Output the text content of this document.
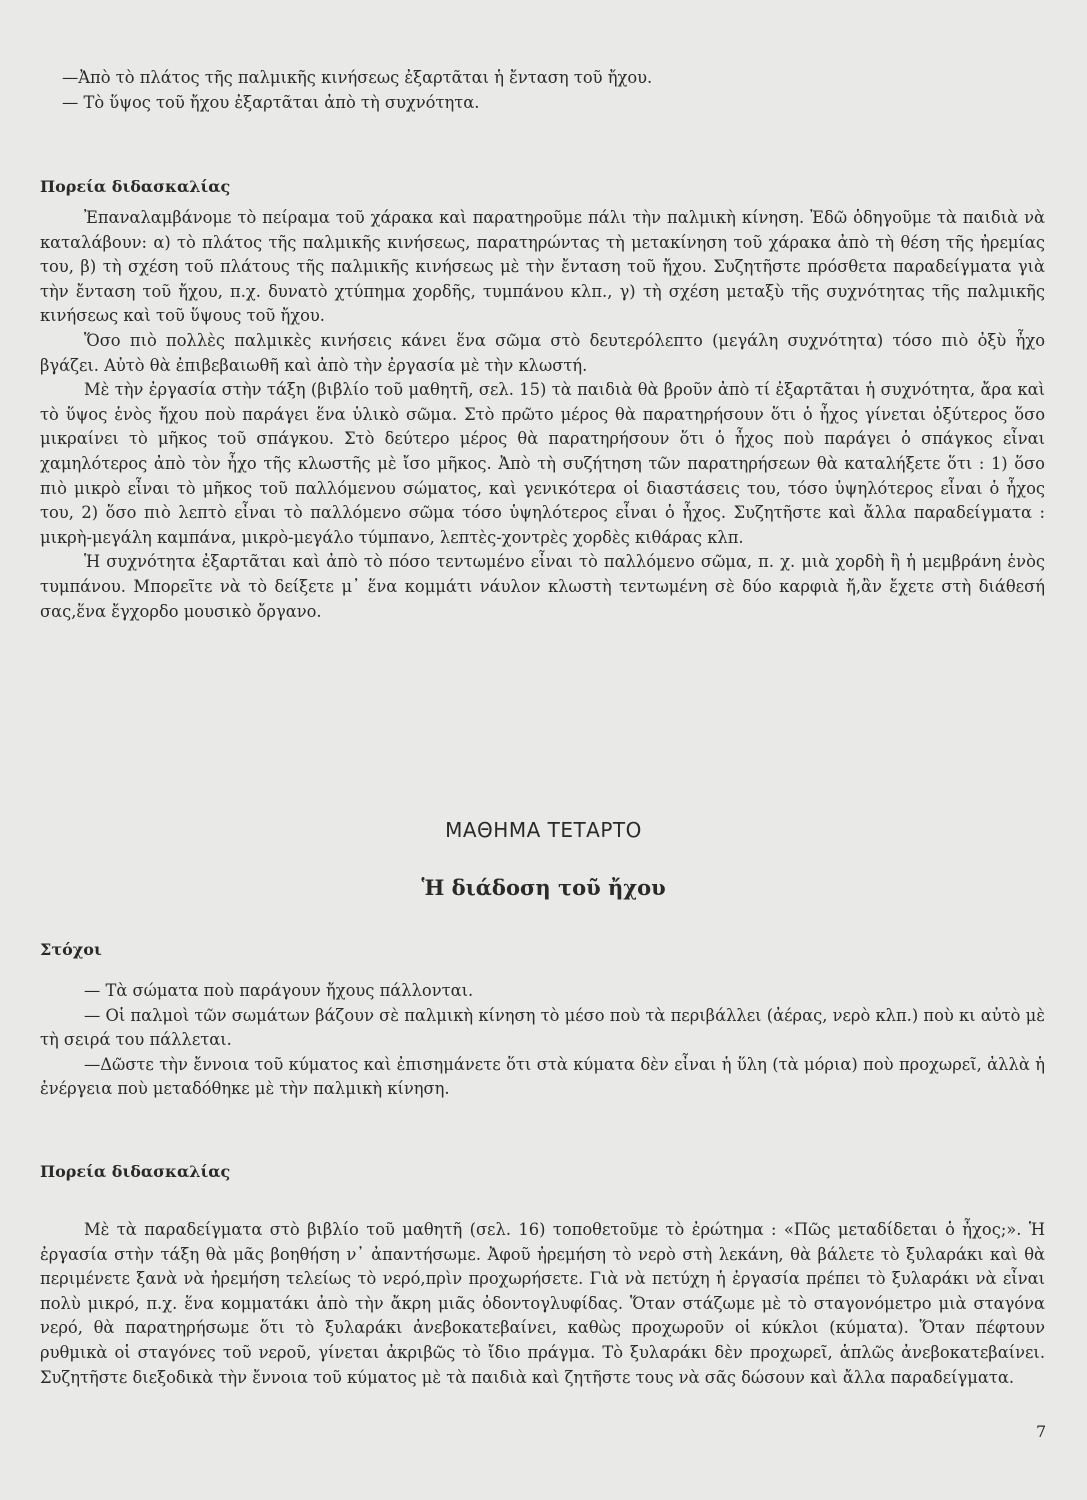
—Ἀπὸ τὸ πλάτος τῆς παλμικῆς κινήσεως ἐξαρτᾶται ἡ ἔνταση τοῦ ἤχου.

— Τὸ ὕψος τοῦ ἤχου ἐξαρτᾶται ἀπὸ τὴ συχνότητα.

Πορεία διδασκαλίας

Ἐπαναλαμβάνομε τὸ πείραμα τοῦ χάρακα καὶ παρατηροῦμε πάλι τὴν παλμικὴ κίνηση. Ἐδῶ ὁδηγοῦμε τὰ παιδιὰ νὰ καταλάβουν: α) τὸ πλάτος τῆς παλμικῆς κινήσεως, παρατηρώντας τὴ μετακίνηση τοῦ χάρακα ἀπὸ τὴ θέση τῆς ἠρεμίας του, β) τὴ σχέση τοῦ πλάτους τῆς παλμικῆς κινήσεως μὲ τὴν ἔνταση τοῦ ἤχου. Συζητῆστε πρόσθετα παραδείγματα γιὰ τὴν ἔνταση τοῦ ἤχου, π.χ. δυνατὸ χτύπημα χορδῆς, τυμπάνου κλπ., γ) τὴ σχέση μεταξὺ τῆς συχνότητας τῆς παλμικῆς κινήσεως καὶ τοῦ ὕψους τοῦ ἤχου.

Ὅσο πιὸ πολλὲς παλμικὲς κινήσεις κάνει ἕνα σῶμα στὸ δευτερόλεπτο (μεγάλη συχνότητα) τόσο πιὸ ὀξὺ ἦχο βγάζει. Αὐτὸ θὰ ἐπιβεβαιωθῆ καὶ ἀπὸ τὴν ἐργασία μὲ τὴν κλωστή.

Μὲ τὴν ἐργασία στὴν τάξη (βιβλίο τοῦ μαθητῆ, σελ. 15) τὰ παιδιὰ θὰ βροῦν ἀπὸ τί ἐξαρτᾶται ἡ συχνότητα, ἄρα καὶ τὸ ὕψος ἑνὸς ἤχου ποὺ παράγει ἕνα ὑλικὸ σῶμα. Στὸ πρῶτο μέρος θὰ παρατηρήσουν ὅτι ὁ ἦχος γίνεται ὀξύτερος ὅσο μικραίνει τὸ μῆκος τοῦ σπάγκου. Στὸ δεύτερο μέρος θὰ παρατηρήσουν ὅτι ὁ ἦχος ποὺ παράγει ὁ σπάγκος εἶναι χαμηλότερος ἀπὸ τὸν ἦχο τῆς κλωστῆς μὲ ἴσο μῆκος. Ἀπὸ τὴ συζήτηση τῶν παρατηρήσεων θὰ καταλήξετε ὅτι : 1) ὅσο πιὸ μικρὸ εἶναι τὸ μῆκος τοῦ παλλόμενου σώματος, καὶ γενικότερα οἱ διαστάσεις του, τόσο ὑψηλότερος εἶναι ὁ ἦχος του, 2) ὅσο πιὸ λεπτὸ εἶναι τὸ παλλόμενο σῶμα τόσο ὑψηλότερος εἶναι ὁ ἦχος. Συζητῆστε καὶ ἄλλα παραδείγματα : μικρὴ-μεγάλη καμπάνα, μικρὸ-μεγάλο τύμπανο, λεπτὲς-χοντρὲς χορδὲς κιθάρας κλπ.

Ἡ συχνότητα ἐξαρτᾶται καὶ ἀπὸ τὸ πόσο τεντωμένο εἶναι τὸ παλλόμενο σῶμα, π. χ. μιὰ χορδὴ ἢ ἡ μεμβράνη ἑνὸς τυμπάνου. Μπορεῖτε νὰ τὸ δείξετε μ᾽ ἕνα κομμάτι νάυλον κλωστὴ τεντωμένη σὲ δύο καρφιὰ ἤ,ἂν ἔχετε στὴ διάθεσή σας,ἕνα ἔγχορδο μουσικὸ ὄργανο.

ΜΑΘΗΜΑ ΤΕΤΑΡΤΟ
Ἡ διάδοση τοῦ ἤχου
Στόχοι

— Τὰ σώματα ποὺ παράγουν ἤχους πάλλονται.

— Οἱ παλμοὶ τῶν σωμάτων βάζουν σὲ παλμικὴ κίνηση τὸ μέσο ποὺ τὰ περιβάλλει (ἀέρας, νερὸ κλπ.) ποὺ κι αὐτὸ μὲ τὴ σειρά του πάλλεται.

—Δῶστε τὴν ἔννοια τοῦ κύματος καὶ ἐπισημάνετε ὅτι στὰ κύματα δὲν εἶναι ἡ ὕλη (τὰ μόρια) ποὺ προχωρεῖ, ἀλλὰ ἡ ἐνέργεια ποὺ μεταδόθηκε μὲ τὴν παλμικὴ κίνηση.

Πορεία διδασκαλίας

Μὲ τὰ παραδείγματα στὸ βιβλίο τοῦ μαθητῆ (σελ. 16) τοποθετοῦμε τὸ ἐρώτημα : «Πῶς μεταδίδεται ὁ ἦχος;». Ἡ ἐργασία στὴν τάξη θὰ μᾶς βοηθήση ν᾽ ἀπαντήσωμε. Ἀφοῦ ἠρεμήση τὸ νερὸ στὴ λεκάνη, θὰ βάλετε τὸ ξυλαράκι καὶ θὰ περιμένετε ξανὰ νὰ ἠρεμήση τελείως τὸ νερό,πρὶν προχωρήσετε. Γιὰ νὰ πετύχη ἡ ἐργασία πρέπει τὸ ξυλαράκι νὰ εἶναι πολὺ μικρό, π.χ. ἕνα κομματάκι ἀπὸ τὴν ἄκρη μιᾶς ὀδοντογλυφίδας. Ὅταν στάζωμε μὲ τὸ σταγονόμετρο μιὰ σταγόνα νερό, θὰ παρατηρήσωμε ὅτι τὸ ξυλαράκι ἀνεβοκατεβαίνει, καθὼς προχωροῦν οἱ κύκλοι (κύματα). Ὅταν πέφτουν ρυθμικὰ οἱ σταγόνες τοῦ νεροῦ, γίνεται ἀκριβῶς τὸ ἴδιο πράγμα. Τὸ ξυλαράκι δὲν προχωρεῖ, ἁπλῶς ἀνεβοκατεβαίνει. Συζητῆστε διεξοδικὰ τὴν ἔννοια τοῦ κύματος μὲ τὰ παιδιὰ καὶ ζητῆστε τους νὰ σᾶς δώσουν καὶ ἄλλα παραδείγματα.

7
